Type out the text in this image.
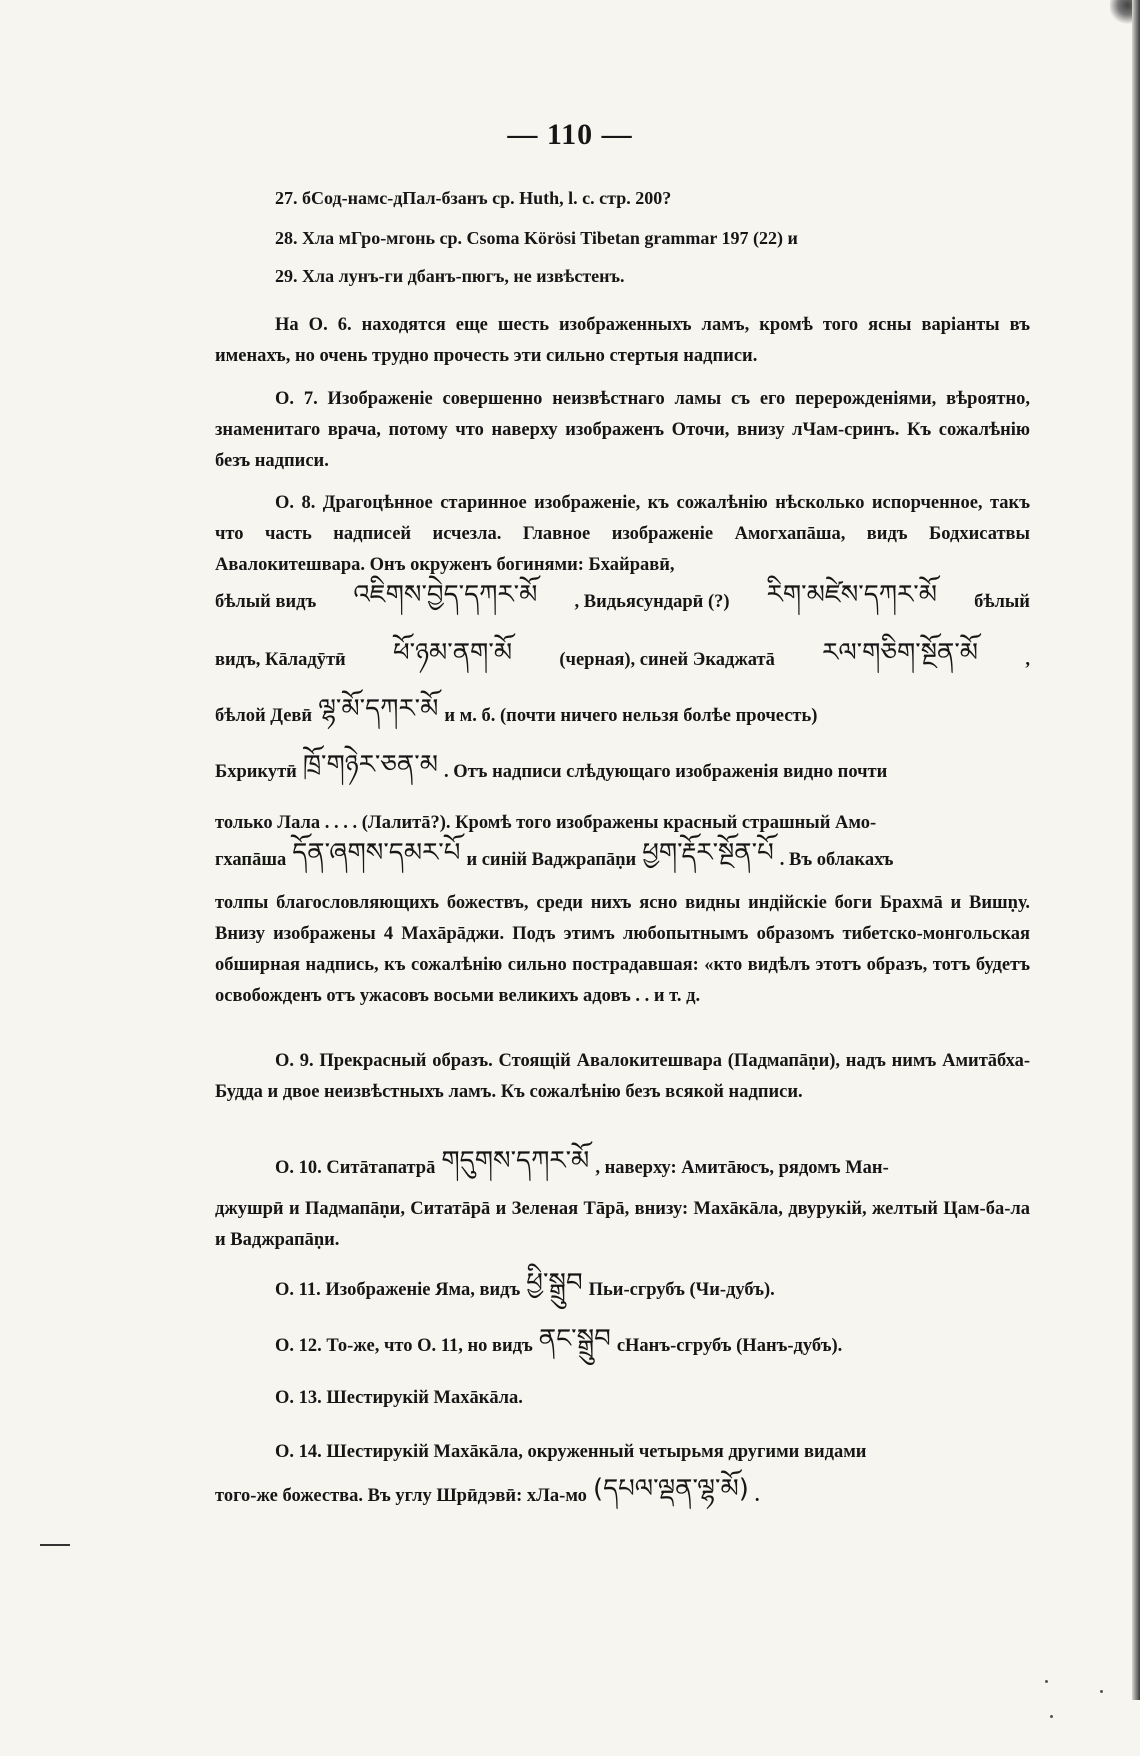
— 110 —
27. бСод-намс-дПал-бзанъ ср. Huth, l. c. стр. 200?
28. Хла мГро-мгонь ср. Csoma Körösi Tibetan grammar 197 (22) и
29. Хла лунъ-ги дбанъ-пюгъ, не извѣстенъ.
На О. 6. находятся еще шесть изображенныхъ ламъ, кромѣ того ясны варіанты въ именахъ, но очень трудно прочесть эти сильно стертыя надписи.
О. 7. Изображеніе совершенно неизвѣстнаго ламы съ его перерожденіями, вѣроятно, знаменитаго врача, потому что наверху изображенъ Оточи, внизу лЧам-сринъ. Къ сожалѣнію безъ надписи.
О. 8. Драгоцѣнное старинное изображеніе, къ сожалѣнію нѣсколько испорченное, такъ что часть надписей исчезла. Главное изображеніе Амогхапāша, видъ Бодхисатвы Авалокитешвара. Онъ окруженъ богинями: Бхайравӣ,
бѣлый видъ འཇིགས་བྱེད་དཀར་མོ , Видьясундарӣ (?) རིག་མཛེས་དཀར་མོ бѣлый
видъ, Кāладӯтӣ ཕོ་ཉམ་ནག་མོ	(черная), синей Экаджатā རལ་གཅིག་སྔོན་མོ	,
бѣлой Девӣ ལྷ་མོ་དཀར་མོ и м. б. (почти ничего нельзя болѣе прочесть)
Бхрикутӣ ཁྲོ་གཉེར་ཅན་མ . Отъ надписи слѣдующаго изображенія видно почти
только Лала . . . . (Лалитā?). Кромѣ того изображены красный страшный Амо-
гхапāша དོན་ཞགས་དམར་པོ и синій Ваджрапāṇи ཕྱག་རྡོར་སྔོན་པོ . Въ облакахъ
толпы благословляющихъ божествъ, среди нихъ ясно видны индійскіе боги Брахмā и Вишṇу. Внизу изображены 4 Махāрāджи. Подъ этимъ любопытнымъ образомъ тибетско-монгольская обширная надпись, къ сожалѣнію сильно пострадавшая: «кто видѣлъ этотъ образъ, тотъ будетъ освобожденъ отъ ужасовъ восьми великихъ адовъ . . и т. д.
О. 9. Прекрасный образъ. Стоящій Авалокитешвара (Падмапāṇи), надъ нимъ Амитāбха-Будда и двое неизвѣстныхъ ламъ. Къ сожалѣнію безъ всякой надписи.
О. 10. Ситāтапатрā གདུགས་དཀར་མོ , наверху: Амитāюсъ, рядомъ Ман-
джушрӣ и Падмапāṇи, Ситатāрā и Зеленая Тāрā, внизу: Махāкāла, двурукій, желтый Цам-ба-ла и Ваджрапāṇи.
О. 11. Изображеніе Яма, видъ ཕྱི་སྒྲུབ Пьи-сгрубъ (Чи-дубъ).
О. 12. То-же, что О. 11, но видъ ནང་སྒྲུབ сНанъ-сгрубъ (Нанъ-дубъ).
О. 13. Шестирукій Махāкāла.
О. 14. Шестирукій Махāкāла, окруженный четырьмя другими видами
того-же божества. Въ углу Шрӣдэвӣ: хЛа-мо (དཔལ་ལྡན་ལྷ་མོ) .
